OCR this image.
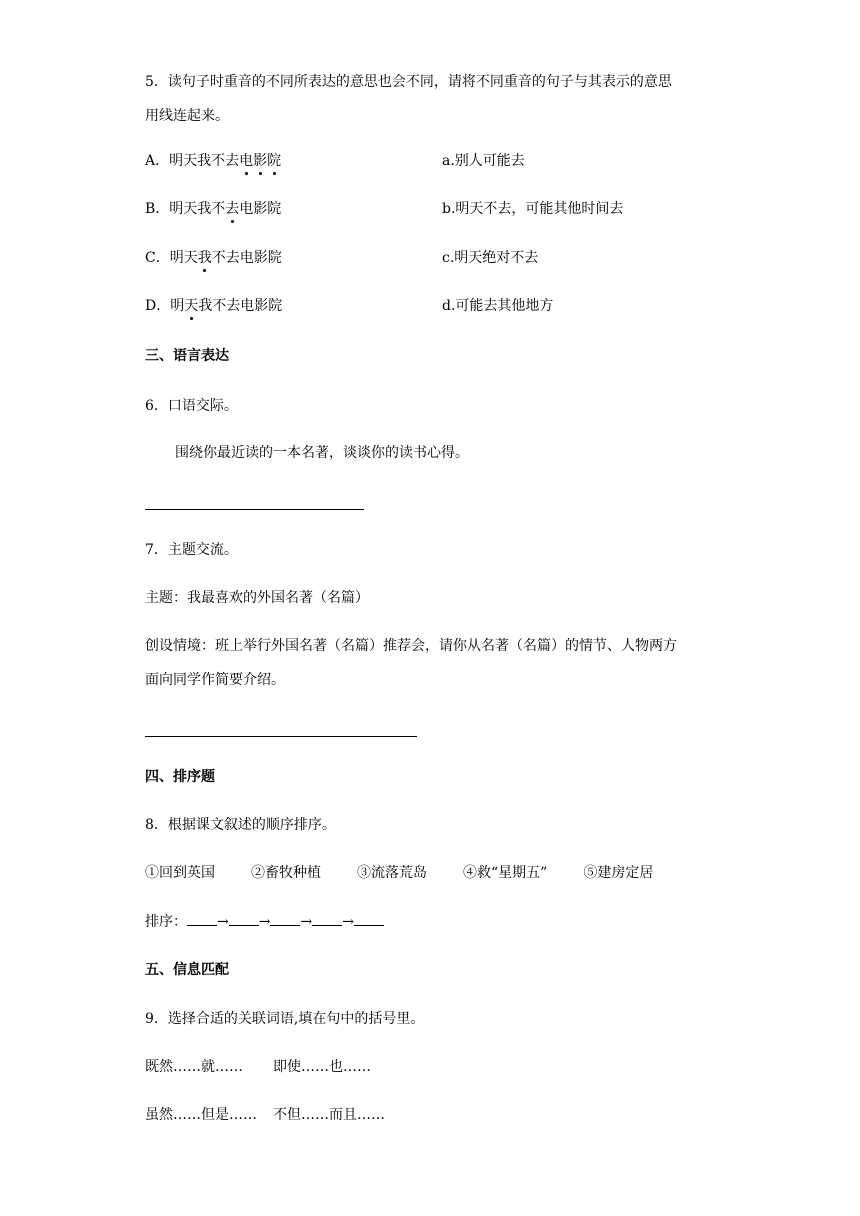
5．读句子时重音的不同所表达的意思也会不同，请将不同重音的句子与其表示的意思
用线连起来。
A．明天我不去电影院	a.别人可能去
B．明天我不去电影院	b.明天不去，可能其他时间去
C．明天我不去电影院	c.明天绝对不去
D．明天我不去电影院	d.可能去其他地方
三、语言表达
6．口语交际。
围绕你最近读的一本名著，谈谈你的读书心得。
7．主题交流。
主题：我最喜欢的外国名著（名篇）
创设情境：班上举行外国名著（名篇）推荐会，请你从名著（名篇）的情节、人物两方
面向同学作简要介绍。
四、排序题
8．根据课文叙述的顺序排序。
①回到英国	②畜牧种植	③流落荒岛	④救“星期五”	⑤建房定居
排序： → → → →
五、信息匹配
9．选择合适的关联词语,填在句中的括号里。
既然……就…… 即使……也……
虽然……但是…… 不但……而且……
